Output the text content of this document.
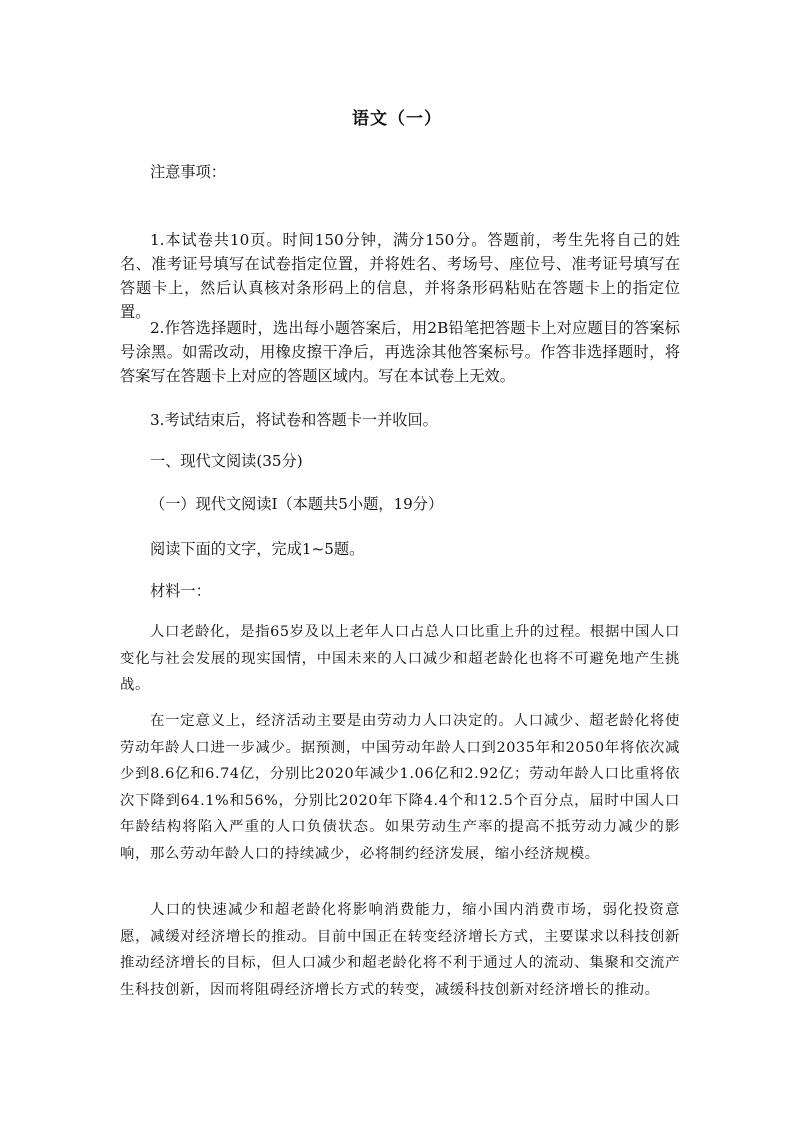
语文（一）
注意事项：
1.本试卷共10页。时间150分钟，满分150分。答题前，考生先将自己的姓名、准考证号填写在试卷指定位置，并将姓名、考场号、座位号、准考证号填写在答题卡上，然后认真核对条形码上的信息，并将条形码粘贴在答题卡上的指定位置。
2.作答选择题时，选出每小题答案后，用2B铅笔把答题卡上对应题目的答案标号涂黑。如需改动，用橡皮擦干净后，再选涂其他答案标号。作答非选择题时，将答案写在答题卡上对应的答题区域内。写在本试卷上无效。
3.考试结束后，将试卷和答题卡一并收回。
一、现代文阅读(35分)
（一）现代文阅读Ⅰ（本题共5小题，19分）
阅读下面的文字，完成1~5题。
材料一：
人口老龄化，是指65岁及以上老年人口占总人口比重上升的过程。根据中国人口变化与社会发展的现实国情，中国未来的人口减少和超老龄化也将不可避免地产生挑战。
在一定意义上，经济活动主要是由劳动力人口决定的。人口减少、超老龄化将使劳动年龄人口进一步减少。据预测，中国劳动年龄人口到2035年和2050年将依次减少到8.6亿和6.74亿，分别比2020年减少1.06亿和2.92亿；劳动年龄人口比重将依次下降到64.1%和56%，分别比2020年下降4.4个和12.5个百分点，届时中国人口年龄结构将陷入严重的人口负债状态。如果劳动生产率的提高不抵劳动力减少的影响，那么劳动年龄人口的持续减少，必将制约经济发展，缩小经济规模。
人口的快速减少和超老龄化将影响消费能力，缩小国内消费市场，弱化投资意愿，减缓对经济增长的推动。目前中国正在转变经济增长方式，主要谋求以科技创新推动经济增长的目标，但人口减少和超老龄化将不利于通过人的流动、集聚和交流产生科技创新，因而将阻碍经济增长方式的转变，减缓科技创新对经济增长的推动。
